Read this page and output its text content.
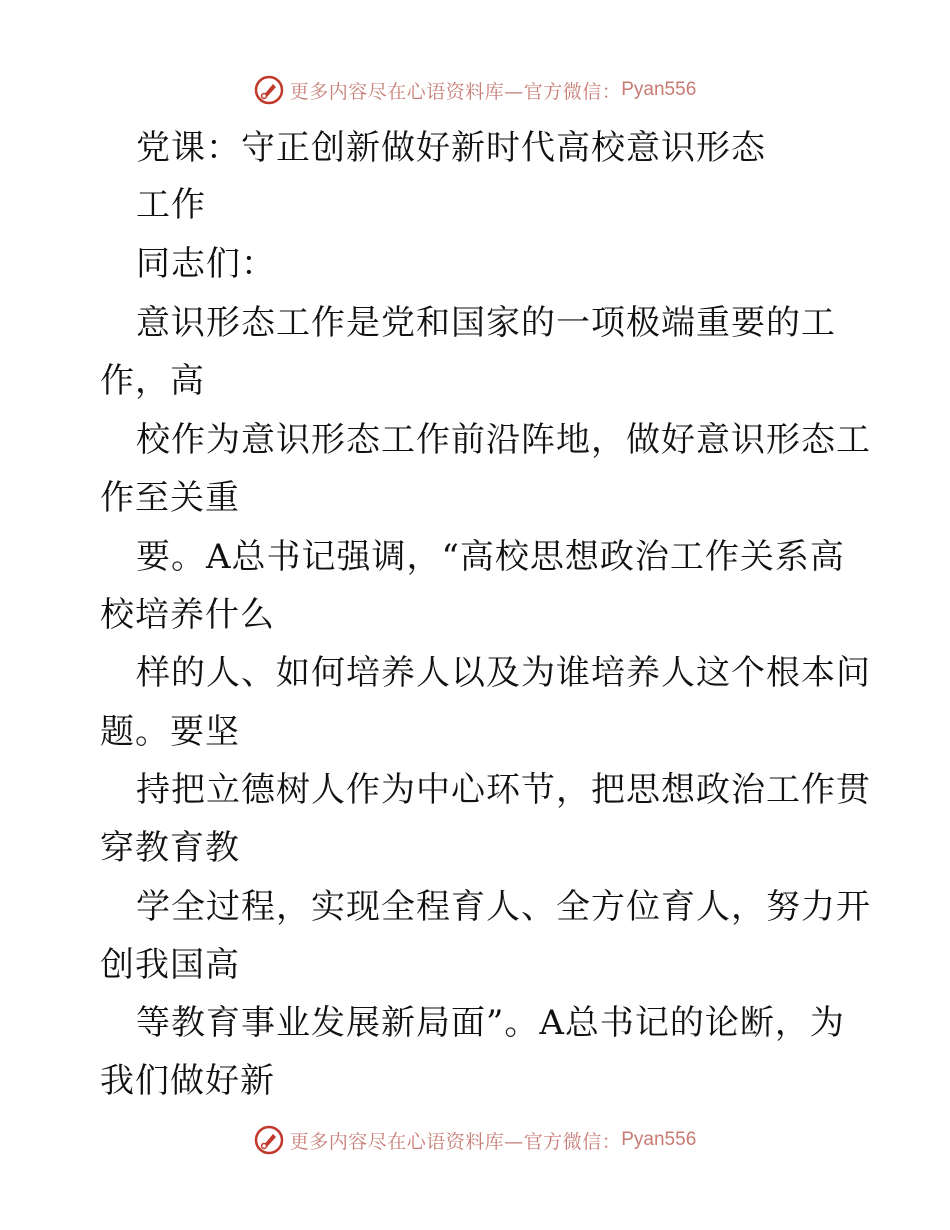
更多内容尽在心语资料库—官方微信： Pyan556
党课：守正创新做好新时代高校意识形态
工作
同志们：
意识形态工作是党和国家的一项极端重要的工
作，高
校作为意识形态工作前沿阵地，做好意识形态工
作至关重
要。A总书记强调，“高校思想政治工作关系高
校培养什么
样的人、如何培养人以及为谁培养人这个根本问
题。要坚
持把立德树人作为中心环节，把思想政治工作贯
穿教育教
学全过程，实现全程育人、全方位育人，努力开
创我国高
等教育事业发展新局面”。A总书记的论断，为
我们做好新
更多内容尽在心语资料库—官方微信： Pyan556
